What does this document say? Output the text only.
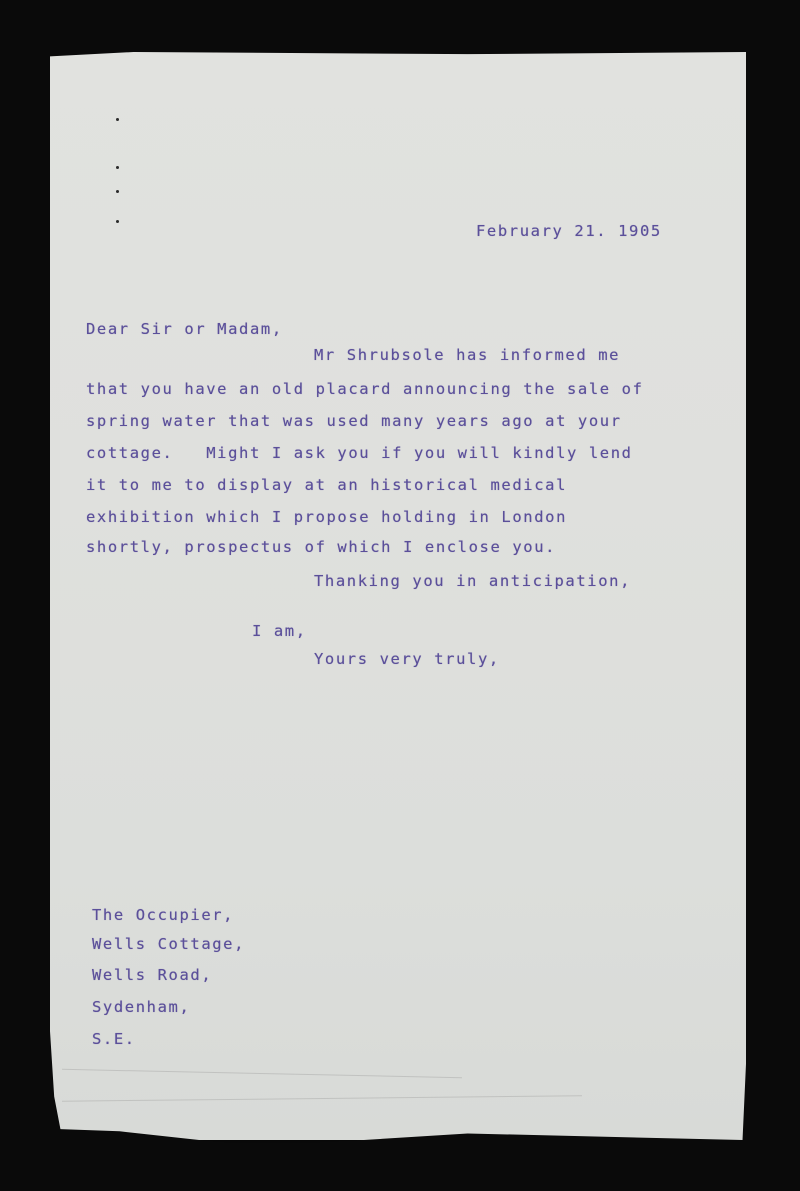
February 21. 1905

Dear Sir or Madam,

Mr Shrubsole has informed me

that you have an old placard announcing the sale of

spring water that was used many years ago at your

cottage.   Might I ask you if you will kindly lend

it to me to display at an historical medical

exhibition which I propose holding in London

shortly, prospectus of which I enclose you.

Thanking you in anticipation,

I am,

Yours very truly,

The Occupier,

Wells Cottage,

Wells Road,

Sydenham,

S.E.
